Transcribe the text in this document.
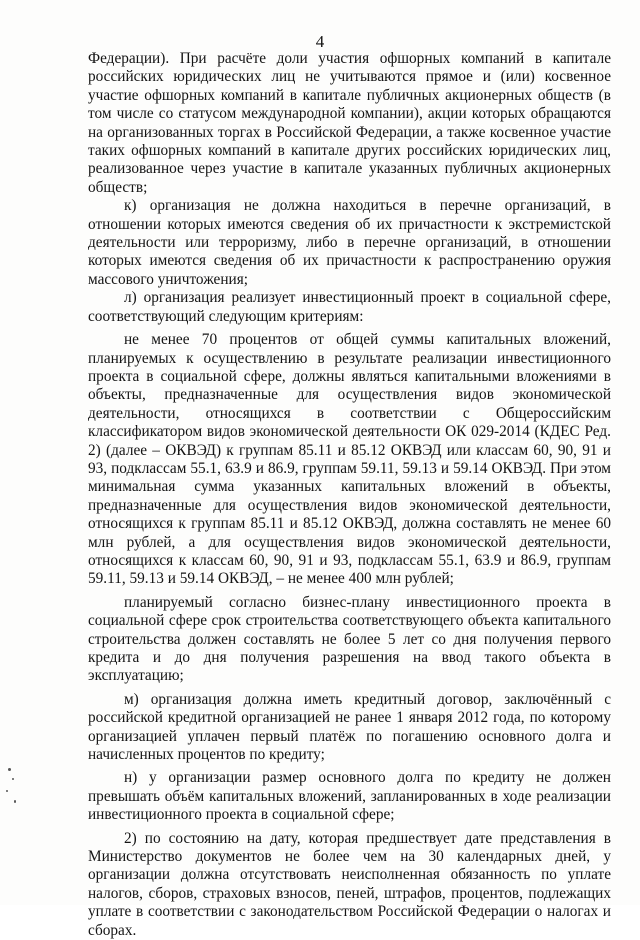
4

Федерации). При расчёте доли участия офшорных компаний в капитале российских юридических лиц не учитываются прямое и (или) косвенное участие офшорных компаний в капитале публичных акционерных обществ (в том числе со статусом международной компании), акции которых обращаются на организованных торгах в Российской Федерации, а также косвенное участие таких офшорных компаний в капитале других российских юридических лиц, реализованное через участие в капитале указанных публичных акционерных обществ;

к) организация не должна находиться в перечне организаций, в отношении которых имеются сведения об их причастности к экстремистской деятельности или терроризму, либо в перечне организаций, в отношении которых имеются сведения об их причастности к распространению оружия массового уничтожения;

л) организация реализует инвестиционный проект в социальной сфере, соответствующий следующим критериям:

не менее 70 процентов от общей суммы капитальных вложений, планируемых к осуществлению в результате реализации инвестиционного проекта в социальной сфере, должны являться капитальными вложениями в объекты, предназначенные для осуществления видов экономической деятельности, относящихся в соответствии с Общероссийским классификатором видов экономической деятельности ОК 029-2014 (КДЕС Ред. 2) (далее – ОКВЭД) к группам 85.11 и 85.12 ОКВЭД или классам 60, 90, 91 и 93, подклассам 55.1, 63.9 и 86.9, группам 59.11, 59.13 и 59.14 ОКВЭД. При этом минимальная сумма указанных капитальных вложений в объекты, предназначенные для осуществления видов экономической деятельности, относящихся к группам 85.11 и 85.12 ОКВЭД, должна составлять не менее 60 млн рублей, а для осуществления видов экономической деятельности, относящихся к классам 60, 90, 91 и 93, подклассам 55.1, 63.9 и 86.9, группам 59.11, 59.13 и 59.14 ОКВЭД, – не менее 400 млн рублей;

планируемый согласно бизнес-плану инвестиционного проекта в социальной сфере срок строительства соответствующего объекта капитального строительства должен составлять не более 5 лет со дня получения первого кредита и до дня получения разрешения на ввод такого объекта в эксплуатацию;

м) организация должна иметь кредитный договор, заключённый с российской кредитной организацией не ранее 1 января 2012 года, по которому организацией уплачен первый платёж по погашению основного долга и начисленных процентов по кредиту;

н) у организации размер основного долга по кредиту не должен превышать объём капитальных вложений, запланированных в ходе реализации инвестиционного проекта в социальной сфере;

2) по состоянию на дату, которая предшествует дате представления в Министерство документов не более чем на 30 календарных дней, у организации должна отсутствовать неисполненная обязанность по уплате налогов, сборов, страховых взносов, пеней, штрафов, процентов, подлежащих уплате в соответствии с законодательством Российской Федерации о налогах и сборах.
